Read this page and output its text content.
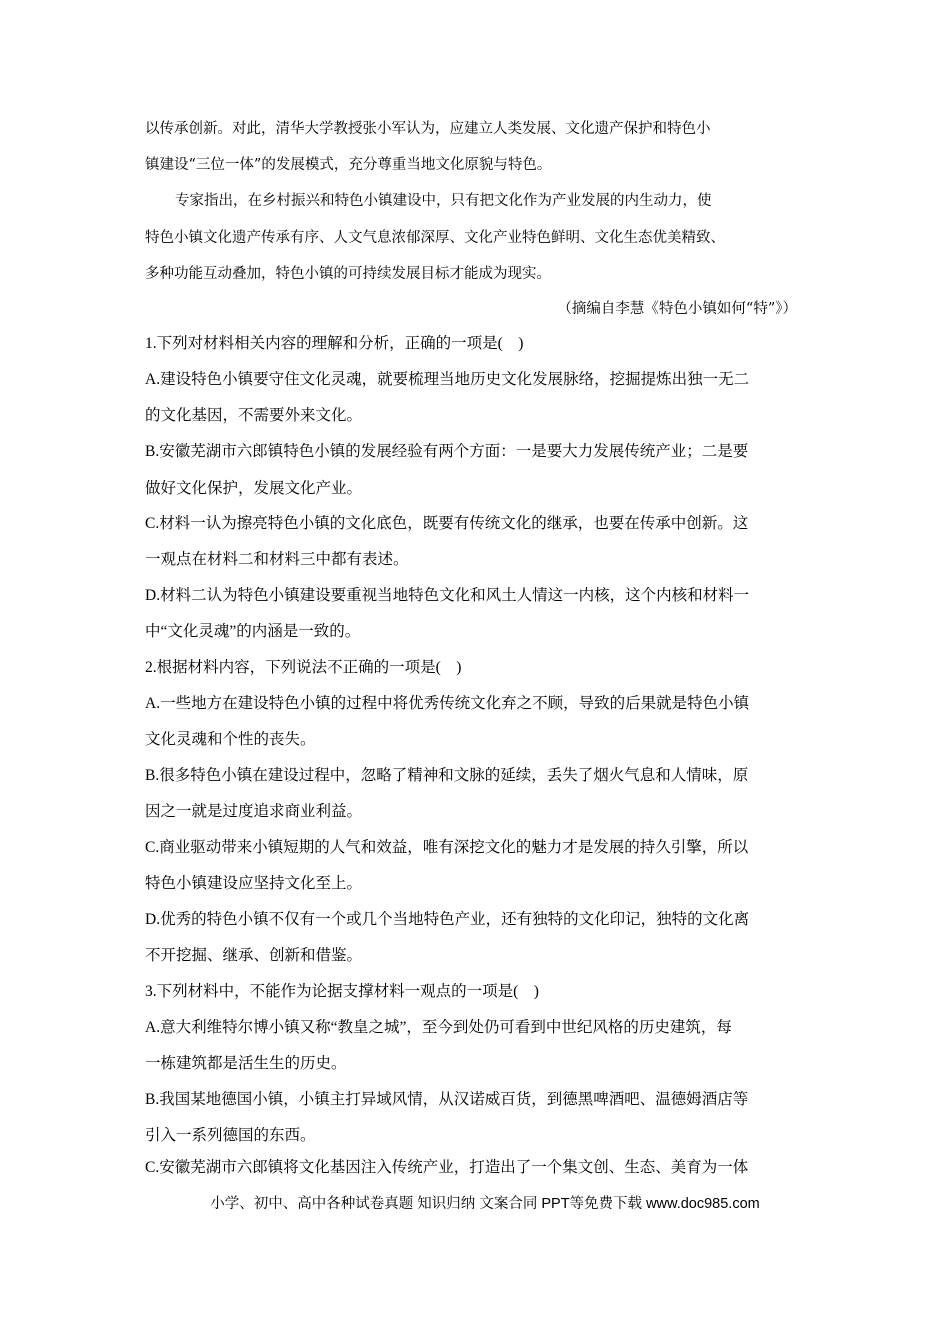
以传承创新。对此，清华大学教授张小军认为，应建立人类发展、文化遗产保护和特色小
镇建设“三位一体”的发展模式，充分尊重当地文化原貌与特色。
专家指出，在乡村振兴和特色小镇建设中，只有把文化作为产业发展的内生动力，使
特色小镇文化遗产传承有序、人文气息浓郁深厚、文化产业特色鲜明、文化生态优美精致、
多种功能互动叠加，特色小镇的可持续发展目标才能成为现实。
（摘编自李慧《特色小镇如何“特”》）
1.下列对材料相关内容的理解和分析，正确的一项是(　)
A.建设特色小镇要守住文化灵魂，就要梳理当地历史文化发展脉络，挖掘提炼出独一无二
的文化基因，不需要外来文化。
B.安徽芜湖市六郎镇特色小镇的发展经验有两个方面：一是要大力发展传统产业；二是要
做好文化保护，发展文化产业。
C.材料一认为擦亮特色小镇的文化底色，既要有传统文化的继承，也要在传承中创新。这
一观点在材料二和材料三中都有表述。
D.材料二认为特色小镇建设要重视当地特色文化和风土人情这一内核，这个内核和材料一
中“文化灵魂”的内涵是一致的。
2.根据材料内容，下列说法不正确的一项是(　)
A.一些地方在建设特色小镇的过程中将优秀传统文化弃之不顾，导致的后果就是特色小镇
文化灵魂和个性的丧失。
B.很多特色小镇在建设过程中，忽略了精神和文脉的延续，丢失了烟火气息和人情味，原
因之一就是过度追求商业利益。
C.商业驱动带来小镇短期的人气和效益，唯有深挖文化的魅力才是发展的持久引擎，所以
特色小镇建设应坚持文化至上。
D.优秀的特色小镇不仅有一个或几个当地特色产业，还有独特的文化印记，独特的文化离
不开挖掘、继承、创新和借鉴。
3.下列材料中，不能作为论据支撑材料一观点的一项是(　)
A.意大利维特尔博小镇又称“教皇之城”，至今到处仍可看到中世纪风格的历史建筑，每
一栋建筑都是活生生的历史。
B.我国某地德国小镇，小镇主打异域风情，从汉诺威百货，到德黑啤酒吧、温德姆酒店等
引入一系列德国的东西。
C.安徽芜湖市六郎镇将文化基因注入传统产业，打造出了一个集文创、生态、美育为一体
小学、初中、高中各种试卷真题 知识归纳 文案合同 PPT等免费下载 www.doc985.com
